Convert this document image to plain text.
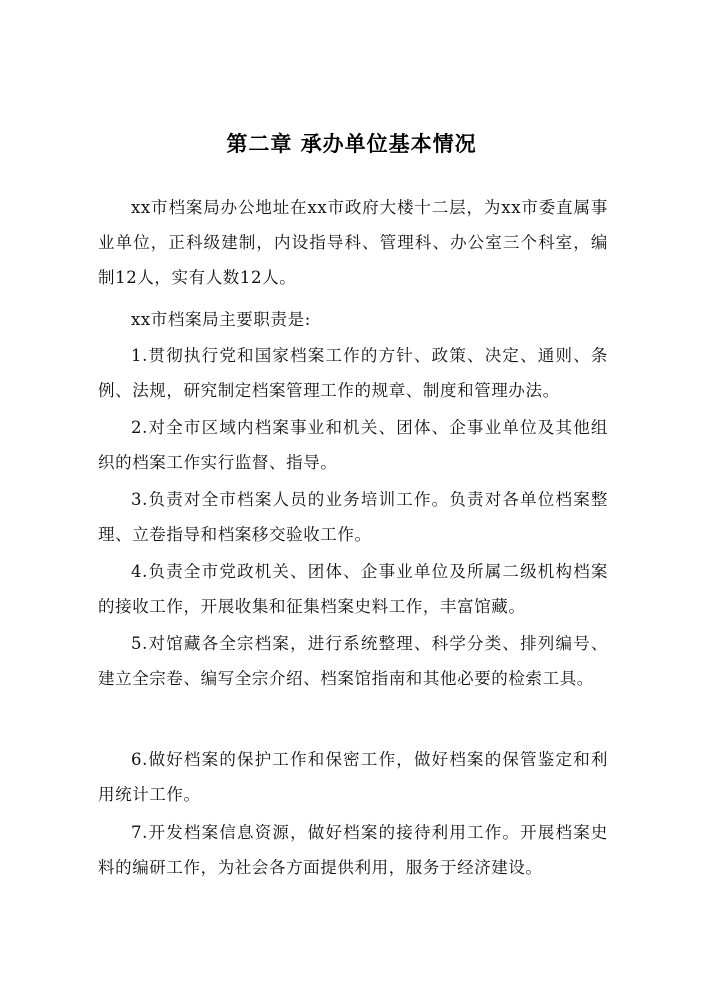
第二章 承办单位基本情况

xx市档案局办公地址在xx市政府大楼十二层，为xx市委直属事业单位，正科级建制，内设指导科、管理科、办公室三个科室，编制12人，实有人数12人。

xx市档案局主要职责是:

1.贯彻执行党和国家档案工作的方针、政策、决定、通则、条例、法规，研究制定档案管理工作的规章、制度和管理办法。

2.对全市区域内档案事业和机关、团体、企事业单位及其他组织的档案工作实行监督、指导。

3.负责对全市档案人员的业务培训工作。负责对各单位档案整理、立卷指导和档案移交验收工作。

4.负责全市党政机关、团体、企事业单位及所属二级机构档案的接收工作，开展收集和征集档案史料工作，丰富馆藏。

5.对馆藏各全宗档案，进行系统整理、科学分类、排列编号、建立全宗卷、编写全宗介绍、档案馆指南和其他必要的检索工具。

6.做好档案的保护工作和保密工作，做好档案的保管鉴定和利用统计工作。

7.开发档案信息资源，做好档案的接待利用工作。开展档案史料的编研工作，为社会各方面提供利用，服务于经济建设。
